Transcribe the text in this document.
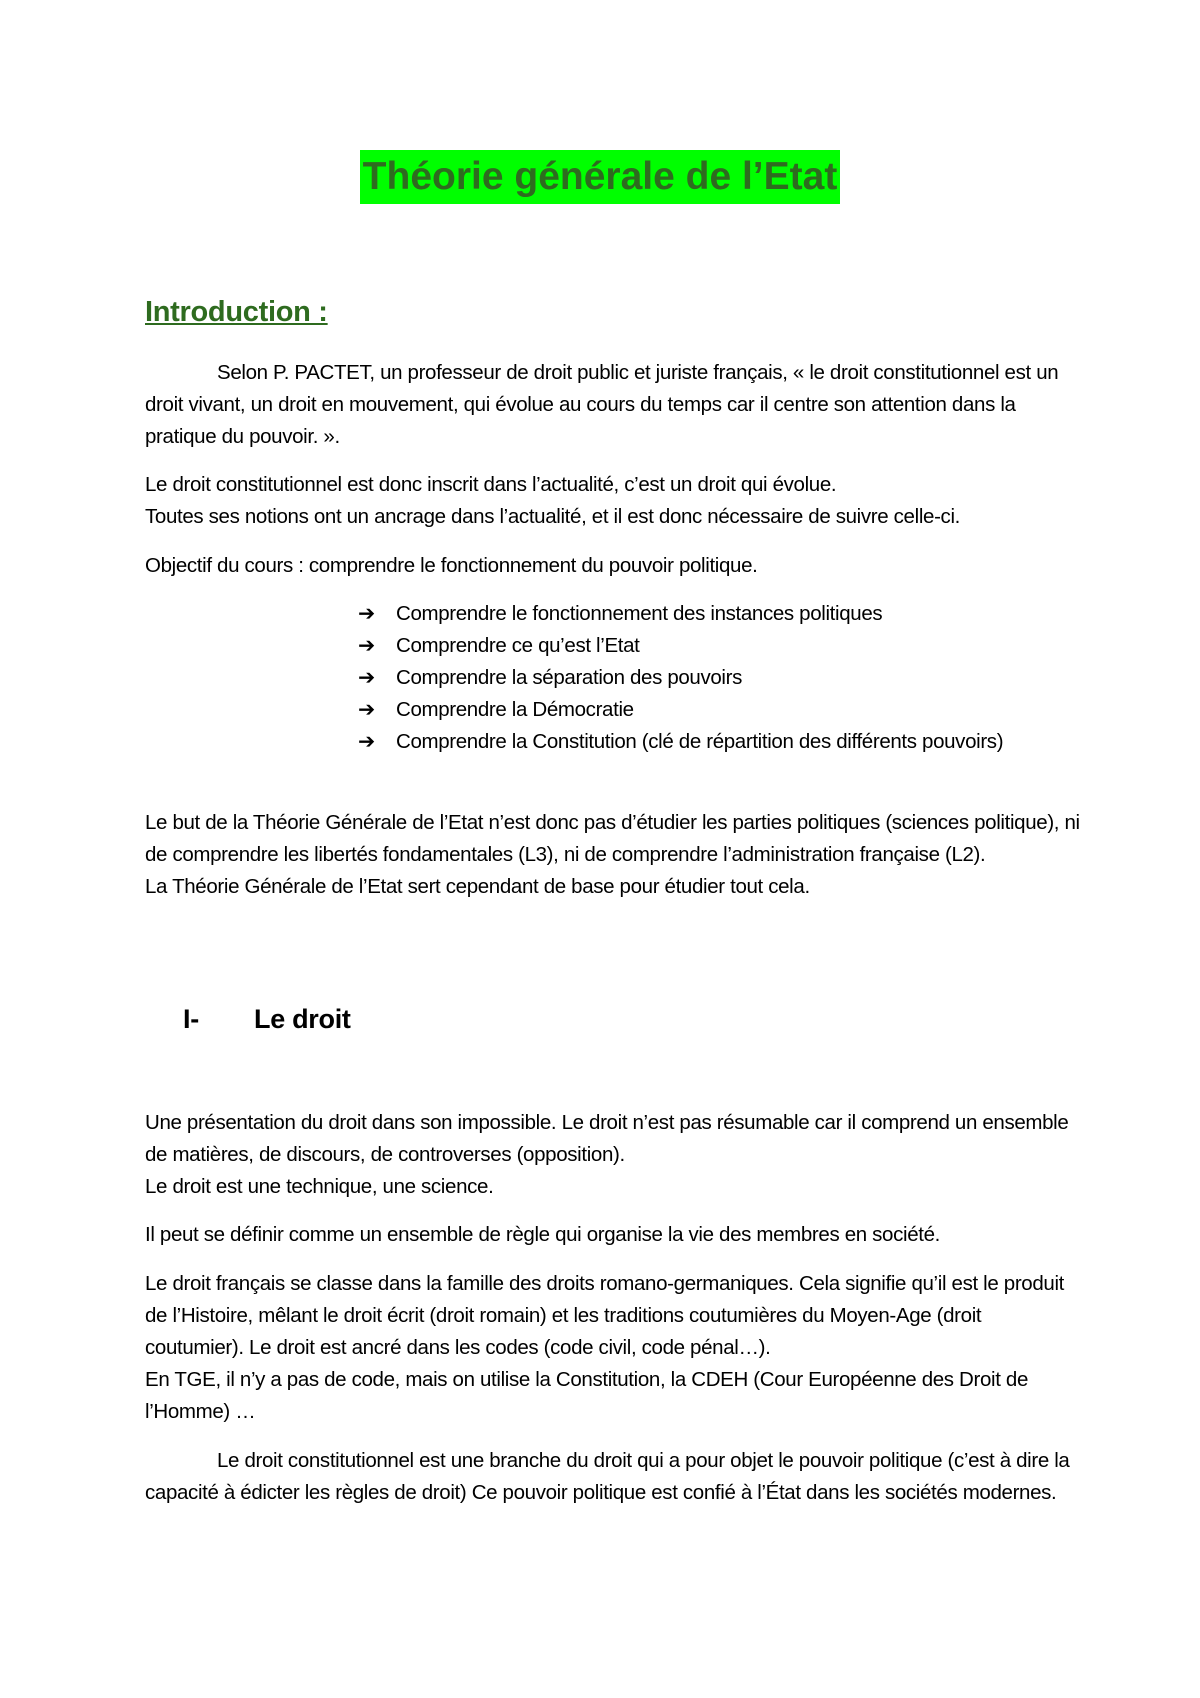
Théorie générale de l’Etat
Introduction :

Selon P. PACTET, un professeur de droit public et juriste français, « le droit constitutionnel est un droit vivant, un droit en mouvement, qui évolue au cours du temps car il centre son attention dans la pratique du pouvoir. ».

Le droit constitutionnel est donc inscrit dans l’actualité, c’est un droit qui évolue.

Toutes ses notions ont un ancrage dans l’actualité, et il est donc nécessaire de suivre celle-ci.

Objectif du cours : comprendre le fonctionnement du pouvoir politique.

➔ Comprendre le fonctionnement des instances politiques
➔ Comprendre ce qu’est l’Etat
➔ Comprendre la séparation des pouvoirs
➔ Comprendre la Démocratie
➔ Comprendre la Constitution (clé de répartition des différents pouvoirs)

Le but de la Théorie Générale de l’Etat n’est donc pas d’étudier les parties politiques (sciences politique), ni de comprendre les libertés fondamentales (L3), ni de comprendre l’administration française (L2).

La Théorie Générale de l’Etat sert cependant de base pour étudier tout cela.

I- Le droit

Une présentation du droit dans son impossible. Le droit n’est pas résumable car il comprend un ensemble de matières, de discours, de controverses (opposition).

Le droit est une technique, une science.

Il peut se définir comme un ensemble de règle qui organise la vie des membres en société.

Le droit français se classe dans la famille des droits romano-germaniques. Cela signifie qu’il est le produit de l’Histoire, mêlant le droit écrit (droit romain) et les traditions coutumières du Moyen-Age (droit coutumier). Le droit est ancré dans les codes (code civil, code pénal…).

En TGE, il n’y a pas de code, mais on utilise la Constitution, la CDEH (Cour Européenne des Droit de l’Homme) …

Le droit constitutionnel est une branche du droit qui a pour objet le pouvoir politique (c’est à dire la capacité à édicter les règles de droit) Ce pouvoir politique est confié à l’État dans les sociétés modernes.
